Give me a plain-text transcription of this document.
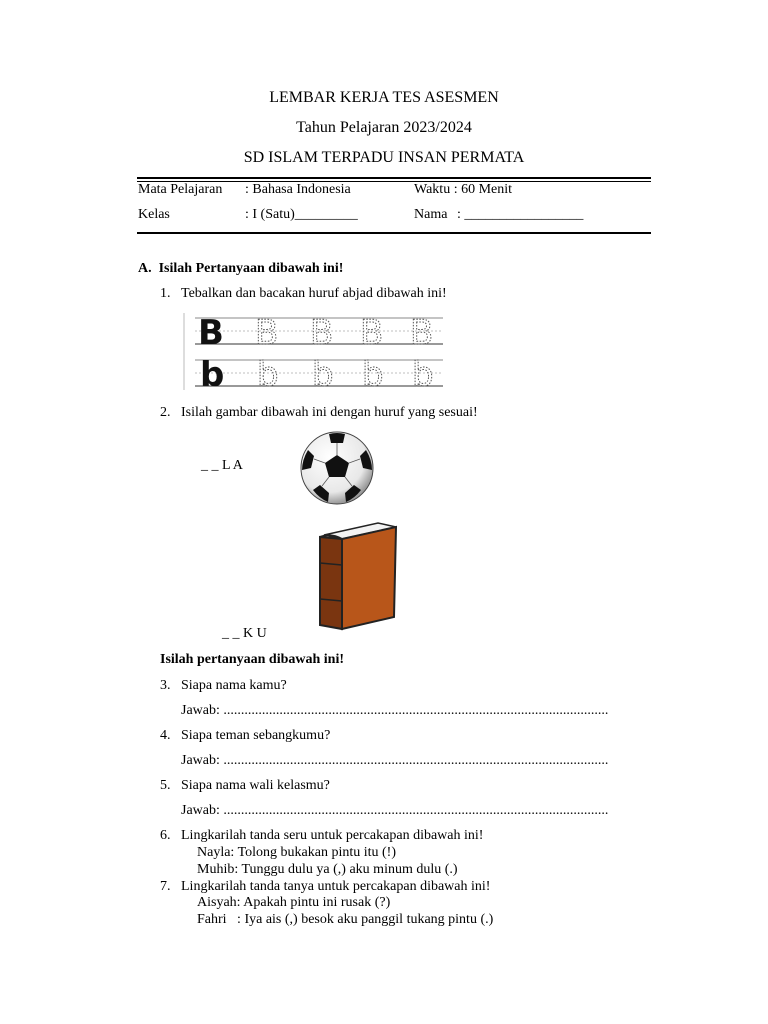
LEMBAR KERJA TES ASESMEN
Tahun Pelajaran 2023/2024
SD ISLAM TERPADU INSAN PERMATA
Mata Pelajaran : Bahasa Indonesia	Waktu : 60 Menit
Kelas	: I (Satu)_________	Nama : _________________
A.  Isilah Pertanyaan dibawah ini!
1. Tebalkan dan bacakan huruf abjad dibawah ini!
B
b
B B B B
b b b b
2. Isilah gambar dibawah ini dengan huruf yang sesuai!
_ _ L A
_ _ K U
Isilah pertanyaan dibawah ini!
3. Siapa nama kamu?
Jawab: ..............................................................................................................
4. Siapa teman sebangkumu?
Jawab: ..............................................................................................................
5. Siapa nama wali kelasmu?
Jawab: ..............................................................................................................
6. Lingkarilah tanda seru untuk percakapan dibawah ini!
Nayla: Tolong bukakan pintu itu (!)
Muhib: Tunggu dulu ya (,) aku minum dulu (.)
7. Lingkarilah tanda tanya untuk percakapan dibawah ini!
Aisyah: Apakah pintu ini rusak (?)
Fahri   : Iya ais (,) besok aku panggil tukang pintu (.)
